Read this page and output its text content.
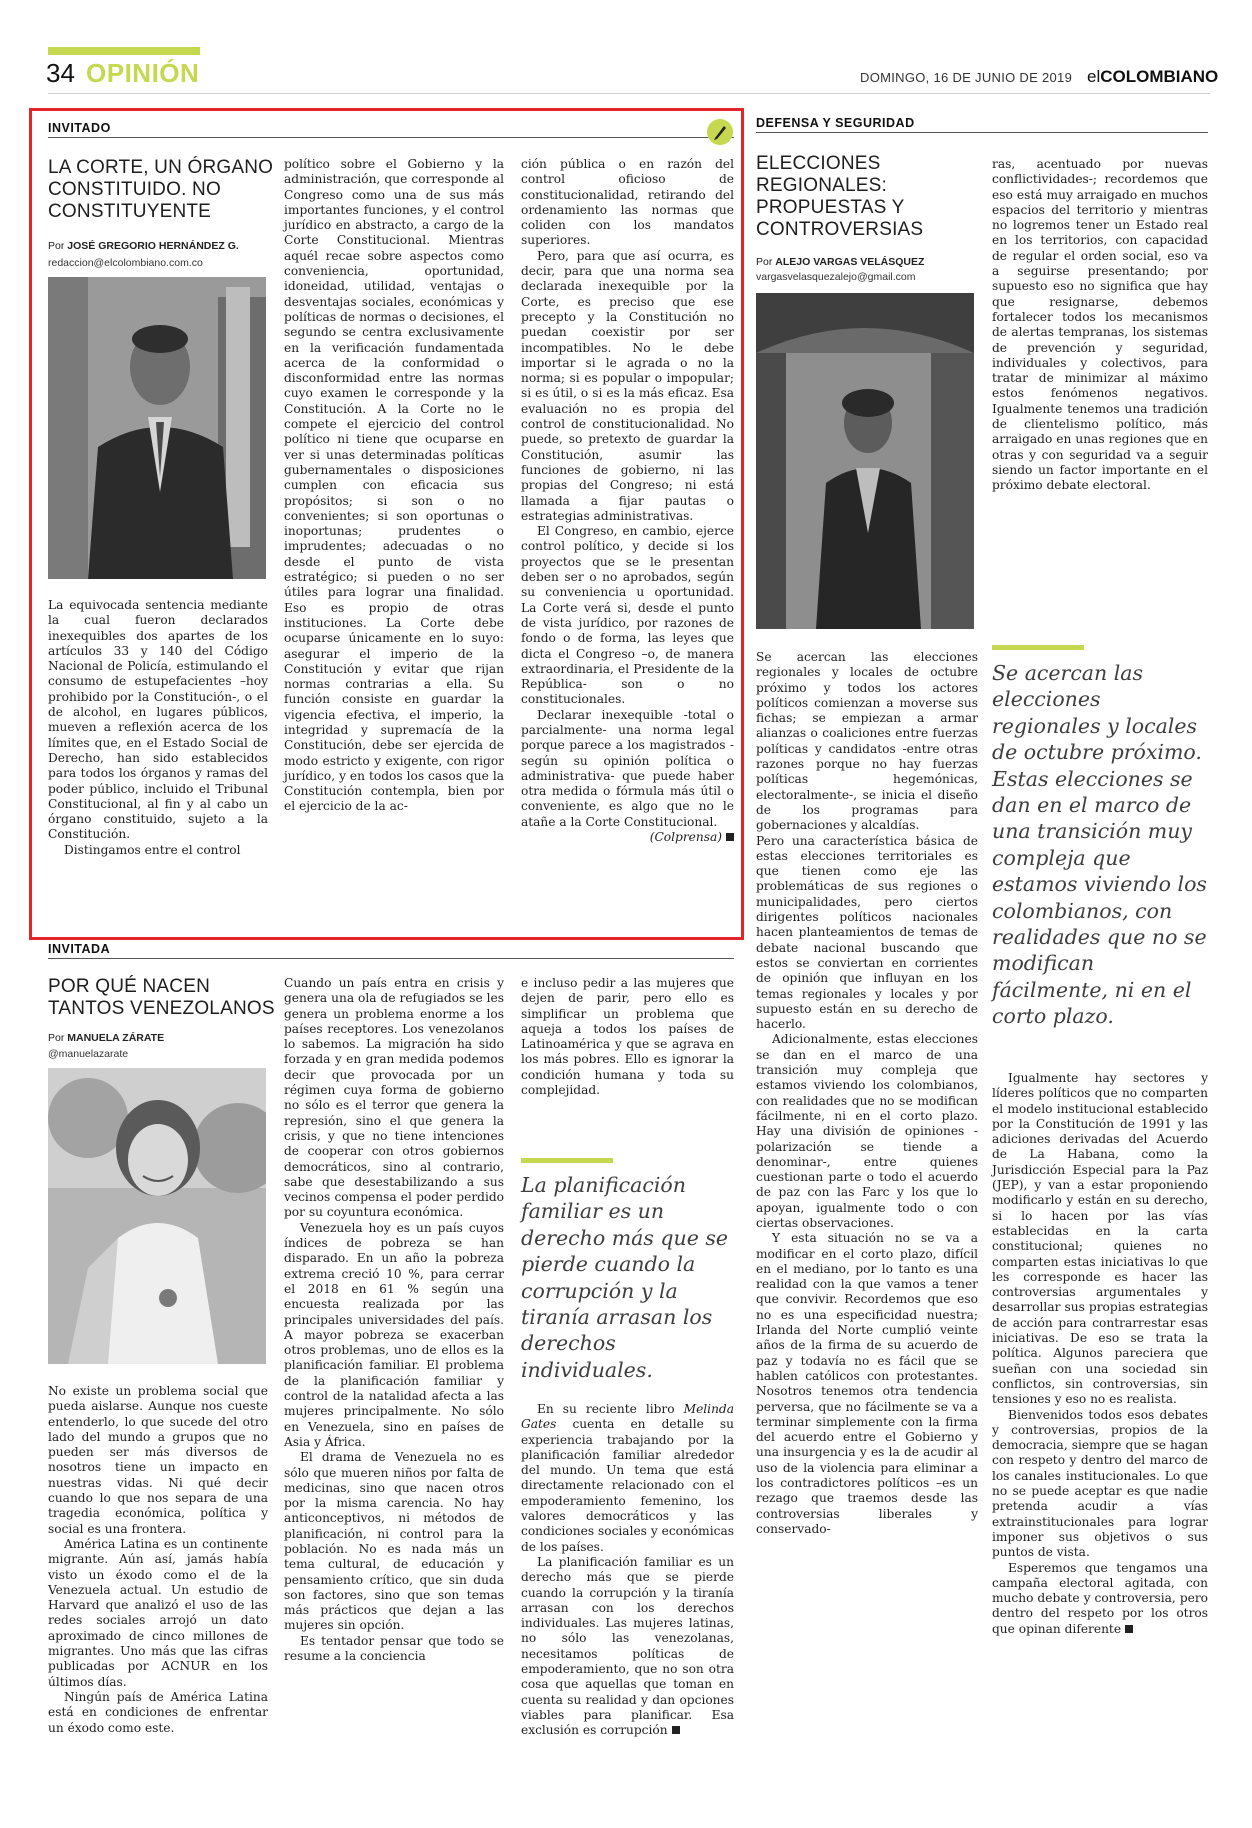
34 OPINIÓN	DOMINGO, 16 DE JUNIO DE 2019 elCOLOMBIANO
INVITADO
LA CORTE, UN ÓRGANO
CONSTITUIDO. NO
CONSTITUYENTE
Por JOSÉ GREGORIO HERNÁNDEZ G.
redaccion@elcolombiano.com.co

La equivocada sentencia mediante la cual fueron declarados inexequibles dos apartes de los artículos 33 y 140 del Código Nacional de Policía, estimulando el consumo de estupefacientes –hoy prohibido por la Constitución-, o el de alcohol, en lugares públicos, mueven a reflexión acerca de los límites que, en el Estado Social de Derecho, han sido establecidos para todos los órganos y ramas del poder público, incluido el Tribunal Constitucional, al fin y al cabo un órgano constituido, sujeto a la Constitución.

Distingamos entre el control

político sobre el Gobierno y la administración, que corresponde al Congreso como una de sus más importantes funciones, y el control jurídico en abstracto, a cargo de la Corte Constitucional. Mientras aquél recae sobre aspectos como conveniencia, oportunidad, idoneidad, utilidad, ventajas o desventajas sociales, económicas y políticas de normas o decisiones, el segundo se centra exclusivamente en la verificación fundamentada acerca de la conformidad o disconformidad entre las normas cuyo examen le corresponde y la Constitución. A la Corte no le compete el ejercicio del control político ni tiene que ocuparse en ver si unas determinadas políticas gubernamentales o disposiciones cumplen con eficacia sus propósitos; si son o no convenientes; si son oportunas o inoportunas; prudentes o imprudentes; adecuadas o no desde el punto de vista estratégico; si pueden o no ser útiles para lograr una finalidad. Eso es propio de otras instituciones. La Corte debe ocuparse únicamente en lo suyo: asegurar el imperio de la Constitución y evitar que rijan normas contrarias a ella. Su función consiste en guardar la vigencia efectiva, el imperio, la integridad y supremacía de la Constitución, debe ser ejercida de modo estricto y exigente, con rigor jurídico, y en todos los casos que la Constitución contempla, bien por el ejercicio de la ac-

ción pública o en razón del control oficioso de constitucionalidad, retirando del ordenamiento las normas que coliden con los mandatos superiores.

Pero, para que así ocurra, es decir, para que una norma sea declarada inexequible por la Corte, es preciso que ese precepto y la Constitución no puedan coexistir por ser incompatibles. No le debe importar si le agrada o no la norma; si es popular o impopular; si es útil, o si es la más eficaz. Esa evaluación no es propia del control de constitucionalidad. No puede, so pretexto de guardar la Constitución, asumir las funciones de gobierno, ni las propias del Congreso; ni está llamada a fijar pautas o estrategias administrativas.

El Congreso, en cambio, ejerce control político, y decide si los proyectos que se le presentan deben ser o no aprobados, según su conveniencia u oportunidad. La Corte verá si, desde el punto de vista jurídico, por razones de fondo o de forma, las leyes que dicta el Congreso –o, de manera extraordinaria, el Presidente de la República- son o no constitucionales.

Declarar inexequible -total o parcialmente- una norma legal porque parece a los magistrados -según su opinión política o administrativa- que puede haber otra medida o fórmula más útil o conveniente, es algo que no le atañe a la Corte Constitucional.

(Colprensa)
INVITADA
POR QUÉ NACEN
TANTOS VENEZOLANOS
Por MANUELA ZÁRATE
@manuelazarate

No existe un problema social que pueda aislarse. Aunque nos cueste entenderlo, lo que sucede del otro lado del mundo a grupos que no pueden ser más diversos de nosotros tiene un impacto en nuestras vidas. Ni qué decir cuando lo que nos separa de una tragedia económica, política y social es una frontera.

América Latina es un continente migrante. Aún así, jamás había visto un éxodo como el de la Venezuela actual. Un estudio de Harvard que analizó el uso de las redes sociales arrojó un dato aproximado de cinco millones de migrantes. Uno más que las cifras publicadas por ACNUR en los últimos días.

Ningún país de América Latina está en condiciones de enfrentar un éxodo como este.

Cuando un país entra en crisis y genera una ola de refugiados se les genera un problema enorme a los países receptores. Los venezolanos lo sabemos. La migración ha sido forzada y en gran medida podemos decir que provocada por un régimen cuya forma de gobierno no sólo es el terror que genera la represión, sino el que genera la crisis, y que no tiene intenciones de cooperar con otros gobiernos democráticos, sino al contrario, sabe que desestabilizando a sus vecinos compensa el poder perdido por su coyuntura económica.

Venezuela hoy es un país cuyos índices de pobreza se han disparado. En un año la pobreza extrema creció 10 %, para cerrar el 2018 en 61 % según una encuesta realizada por las principales universidades del país. A mayor pobreza se exacerban otros problemas, uno de ellos es la planificación familiar. El problema de la planificación familiar y control de la natalidad afecta a las mujeres principalmente. No sólo en Venezuela, sino en países de Asia y África.

El drama de Venezuela no es sólo que mueren niños por falta de medicinas, sino que nacen otros por la misma carencia. No hay anticonceptivos, ni métodos de planificación, ni control para la población. No es nada más un tema cultural, de educación y pensamiento crítico, que sin duda son factores, sino que son temas más prácticos que dejan a las mujeres sin opción.

Es tentador pensar que todo se resume a la conciencia

e incluso pedir a las mujeres que dejen de parir, pero ello es simplificar un problema que aqueja a todos los países de Latinoamérica y que se agrava en los más pobres. Ello es ignorar la condición humana y toda su complejidad.

La planificación familiar es un derecho más que se pierde cuando la corrupción y la tiranía arrasan los derechos individuales.

En su reciente libro Melinda Gates cuenta en detalle su experiencia trabajando por la planificación familiar alrededor del mundo. Un tema que está directamente relacionado con el empoderamiento femenino, los valores democráticos y las condiciones sociales y económicas de los países.

La planificación familiar es un derecho más que se pierde cuando la corrupción y la tiranía arrasan con los derechos individuales. Las mujeres latinas, no sólo las venezolanas, necesitamos políticas de empoderamiento, que no son otra cosa que aquellas que toman en cuenta su realidad y dan opciones viables para planificar. Esa exclusión es corrupción

DEFENSA Y SEGURIDAD
ELECCIONES
REGIONALES:
PROPUESTAS Y
CONTROVERSIAS
Por ALEJO VARGAS VELÁSQUEZ
vargasvelasquezalejo@gmail.com

Se acercan las elecciones regionales y locales de octubre próximo y todos los actores políticos comienzan a moverse sus fichas; se empiezan a armar alianzas o coaliciones entre fuerzas políticas y candidatos -entre otras razones porque no hay fuerzas políticas hegemónicas, electoralmente-, se inicia el diseño de los programas para gobernaciones y alcaldías.

Pero una característica básica de estas elecciones territoriales es que tienen como eje las problemáticas de sus regiones o municipalidades, pero ciertos dirigentes políticos nacionales hacen planteamientos de temas de debate nacional buscando que estos se conviertan en corrientes de opinión que influyan en los temas regionales y locales y por supuesto están en su derecho de hacerlo.

Adicionalmente, estas elecciones se dan en el marco de una transición muy compleja que estamos viviendo los colombianos, con realidades que no se modifican fácilmente, ni en el corto plazo. Hay una división de opiniones -polarización se tiende a denominar-, entre quienes cuestionan parte o todo el acuerdo de paz con las Farc y los que lo apoyan, igualmente todo o con ciertas observaciones.

Y esta situación no se va a modificar en el corto plazo, difícil en el mediano, por lo tanto es una realidad con la que vamos a tener que convivir. Recordemos que eso no es una especificidad nuestra; Irlanda del Norte cumplió veinte años de la firma de su acuerdo de paz y todavía no es fácil que se hablen católicos con protestantes. Nosotros tenemos otra tendencia perversa, que no fácilmente se va a terminar simplemente con la firma del acuerdo entre el Gobierno y una insurgencia y es la de acudir al uso de la violencia para eliminar a los contradictores políticos –es un rezago que traemos desde las controversias liberales y conservado-

ras, acentuado por nuevas conflictividades-; recordemos que eso está muy arraigado en muchos espacios del territorio y mientras no logremos tener un Estado real en los territorios, con capacidad de regular el orden social, eso va a seguirse presentando; por supuesto eso no significa que hay que resignarse, debemos fortalecer todos los mecanismos de alertas tempranas, los sistemas de prevención y seguridad, individuales y colectivos, para tratar de minimizar al máximo estos fenómenos negativos. Igualmente tenemos una tradición de clientelismo político, más arraigado en unas regiones que en otras y con seguridad va a seguir siendo un factor importante en el próximo debate electoral.

Se acercan las elecciones regionales y locales de octubre próximo. Estas elecciones se dan en el marco de una transición muy compleja que estamos viviendo los colombianos, con realidades que no se modifican fácilmente, ni en el corto plazo.

Igualmente hay sectores y líderes políticos que no comparten el modelo institucional establecido por la Constitución de 1991 y las adiciones derivadas del Acuerdo de La Habana, como la Jurisdicción Especial para la Paz (JEP), y van a estar proponiendo modificarlo y están en su derecho, si lo hacen por las vías establecidas en la carta constitucional; quienes no comparten estas iniciativas lo que les corresponde es hacer las controversias argumentales y desarrollar sus propias estrategias de acción para contrarrestar esas iniciativas. De eso se trata la política. Algunos pareciera que sueñan con una sociedad sin conflictos, sin controversias, sin tensiones y eso no es realista.

Bienvenidos todos esos debates y controversias, propios de la democracia, siempre que se hagan con respeto y dentro del marco de los canales institucionales. Lo que no se puede aceptar es que nadie pretenda acudir a vías extrainstitucionales para lograr imponer sus objetivos o sus puntos de vista.

Esperemos que tengamos una campaña electoral agitada, con mucho debate y controversia, pero dentro del respeto por los otros que opinan diferente
